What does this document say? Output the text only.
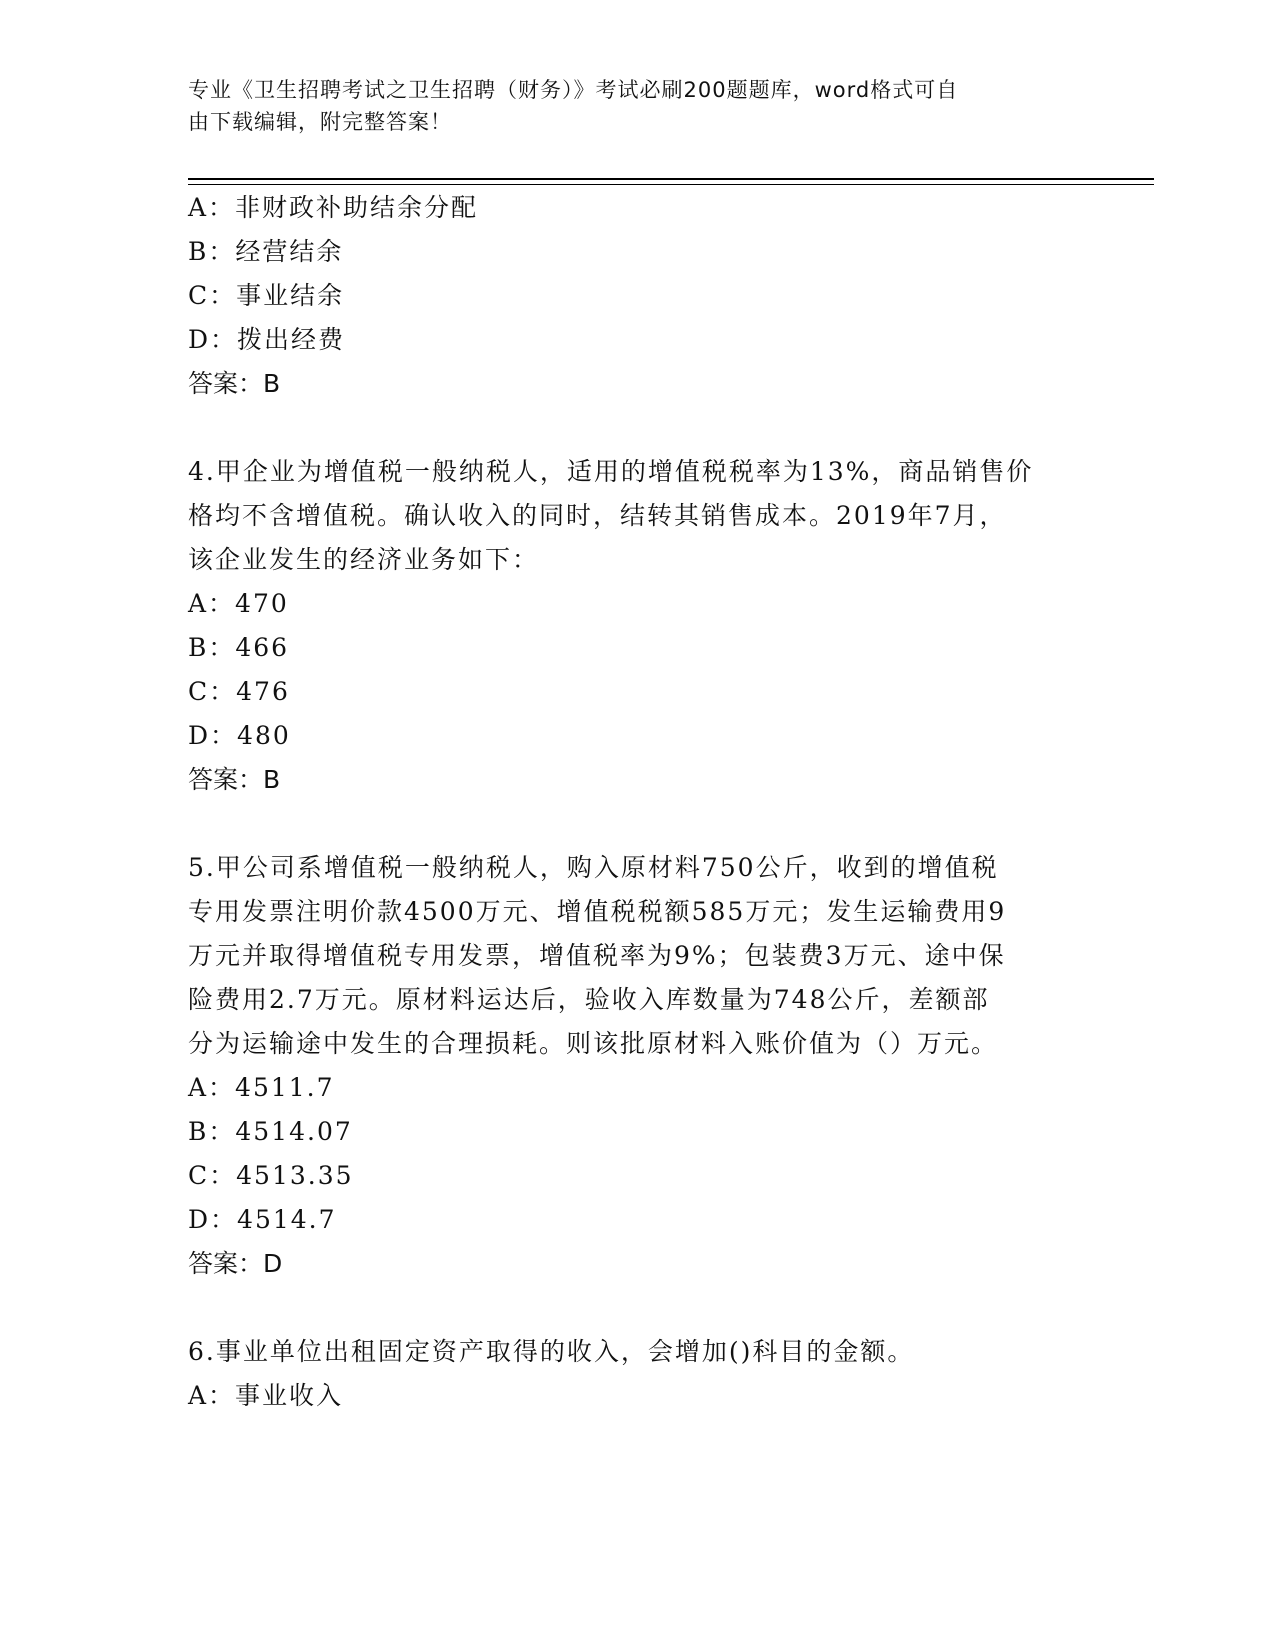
专业《卫生招聘考试之卫生招聘（财务）》考试必刷200题题库，word格式可自
由下载编辑，附完整答案！
A：非财政补助结余分配
B：经营结余
C：事业结余
D：拨出经费
答案：B
4.甲企业为增值税一般纳税人，适用的增值税税率为13%，商品销售价
格均不含增值税。确认收入的同时，结转其销售成本。2019年7月，
该企业发生的经济业务如下：
A：470
B：466
C：476
D：480
答案：B
5.甲公司系增值税一般纳税人，购入原材料750公斤，收到的增值税
专用发票注明价款4500万元、增值税税额585万元；发生运输费用9
万元并取得增值税专用发票，增值税率为9%；包装费3万元、途中保
险费用2.7万元。原材料运达后，验收入库数量为748公斤，差额部
分为运输途中发生的合理损耗。则该批原材料入账价值为（）万元。
A：4511.7
B：4514.07
C：4513.35
D：4514.7
答案：D
6.事业单位出租固定资产取得的收入，会增加()科目的金额。
A：事业收入
